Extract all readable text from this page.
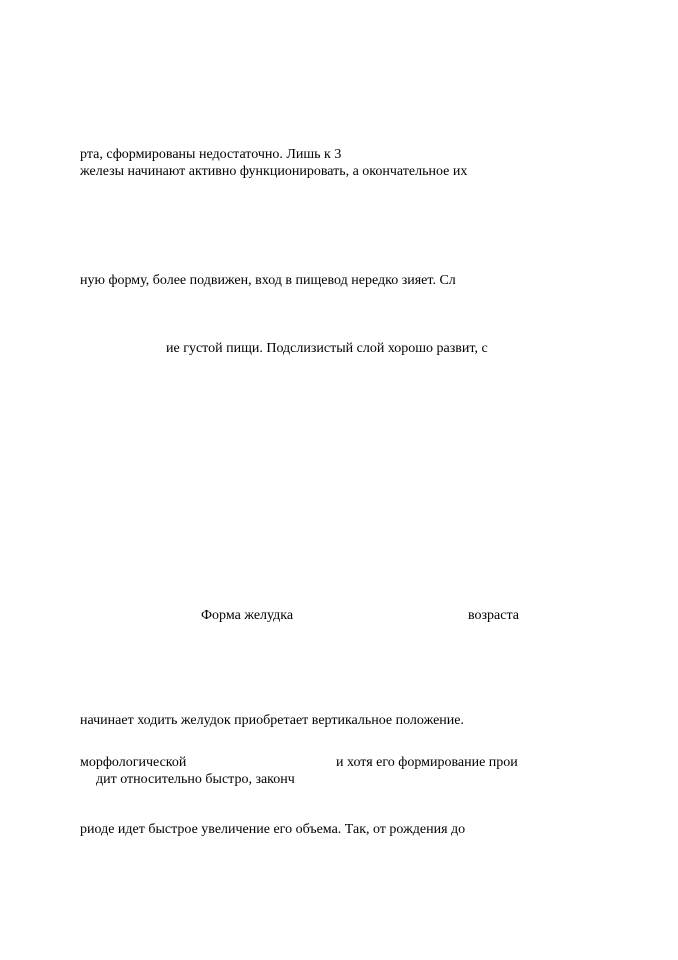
рта, сформированы недостаточно. Лишь к 3
железы начинают активно функционировать, а окончательное их
ную форму, более подвижен, вход в пищевод нередко зияет. Сл
ие густой пищи. Подслизистый слой хорошо развит, с
Форма желудка	возраста
начинает ходить желудок приобретает вертикальное положение.
морфологической	и хотя его формирование прои
дит относительно быстро, законч
риоде идет быстрое увеличение его объема. Так, от рождения до
